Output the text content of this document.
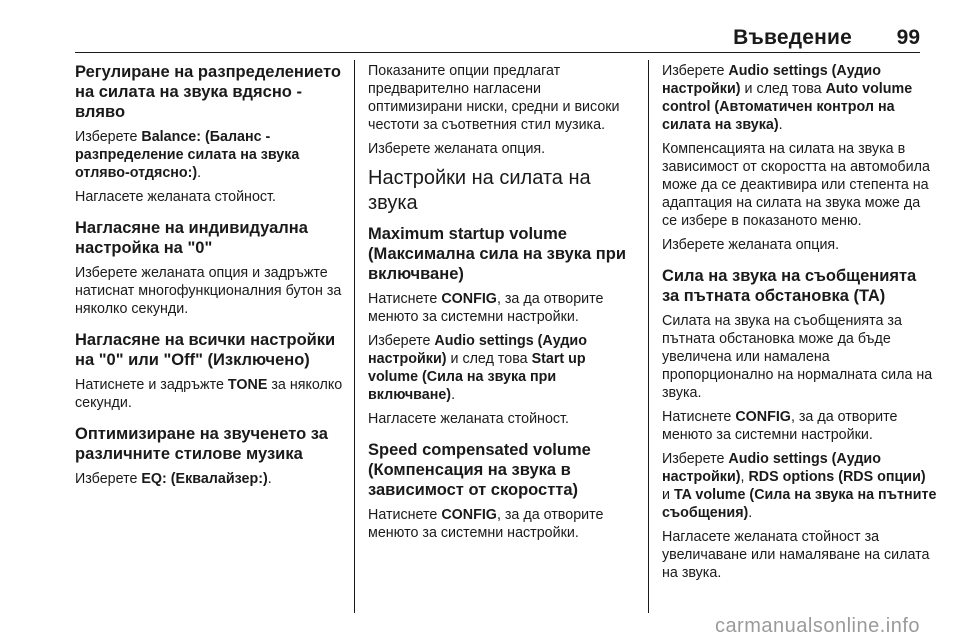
Въведение 99
Регулиране на разпределението на силата на звука вдясно - вляво

Изберете Balance: (Баланс - разпределение силата на звука отляво-отдясно:).

Нагласете желаната стойност.

Нагласяне на индивидуална настройка на "0"

Изберете желаната опция и задръжте натиснат многофункционалния бутон за няколко секунди.

Нагласяне на всички настройки на "0" или "Off" (Изключено)

Натиснете и задръжте TONE за няколко секунди.

Оптимизиране на звученето за различните стилове музика

Изберете EQ: (Еквалайзер:).

Показаните опции предлагат предварително нагласени оптимизирани ниски, средни и високи честоти за съответния стил музика.

Изберете желаната опция.

Настройки на силата на звука
Maximum startup volume (Максимална сила на звука при включване)

Натиснете CONFIG, за да отворите менюто за системни настройки.

Изберете Audio settings (Аудио настройки) и след това Start up volume (Сила на звука при включване).

Нагласете желаната стойност.

Speed compensated volume (Компенсация на звука в зависимост от скоростта)

Натиснете CONFIG, за да отворите менюто за системни настройки.

Изберете Audio settings (Аудио настройки) и след това Auto volume control (Автоматичен контрол на силата на звука).

Компенсацията на силата на звука в зависимост от скоростта на автомобила може да се деактивира или степента на адаптация на силата на звука може да се избере в показаното меню.

Изберете желаната опция.

Сила на звука на съобщенията за пътната обстановка (TA)

Силата на звука на съобщенията за пътната обстановка може да бъде увеличена или намалена пропорционално на нормалната сила на звука.

Натиснете CONFIG, за да отворите менюто за системни настройки.

Изберете Audio settings (Аудио настройки), RDS options (RDS опции) и TA volume (Сила на звука на пътните съобщения).

Нагласете желаната стойност за увеличаване или намаляване на силата на звука.

carmanualsonline.info
